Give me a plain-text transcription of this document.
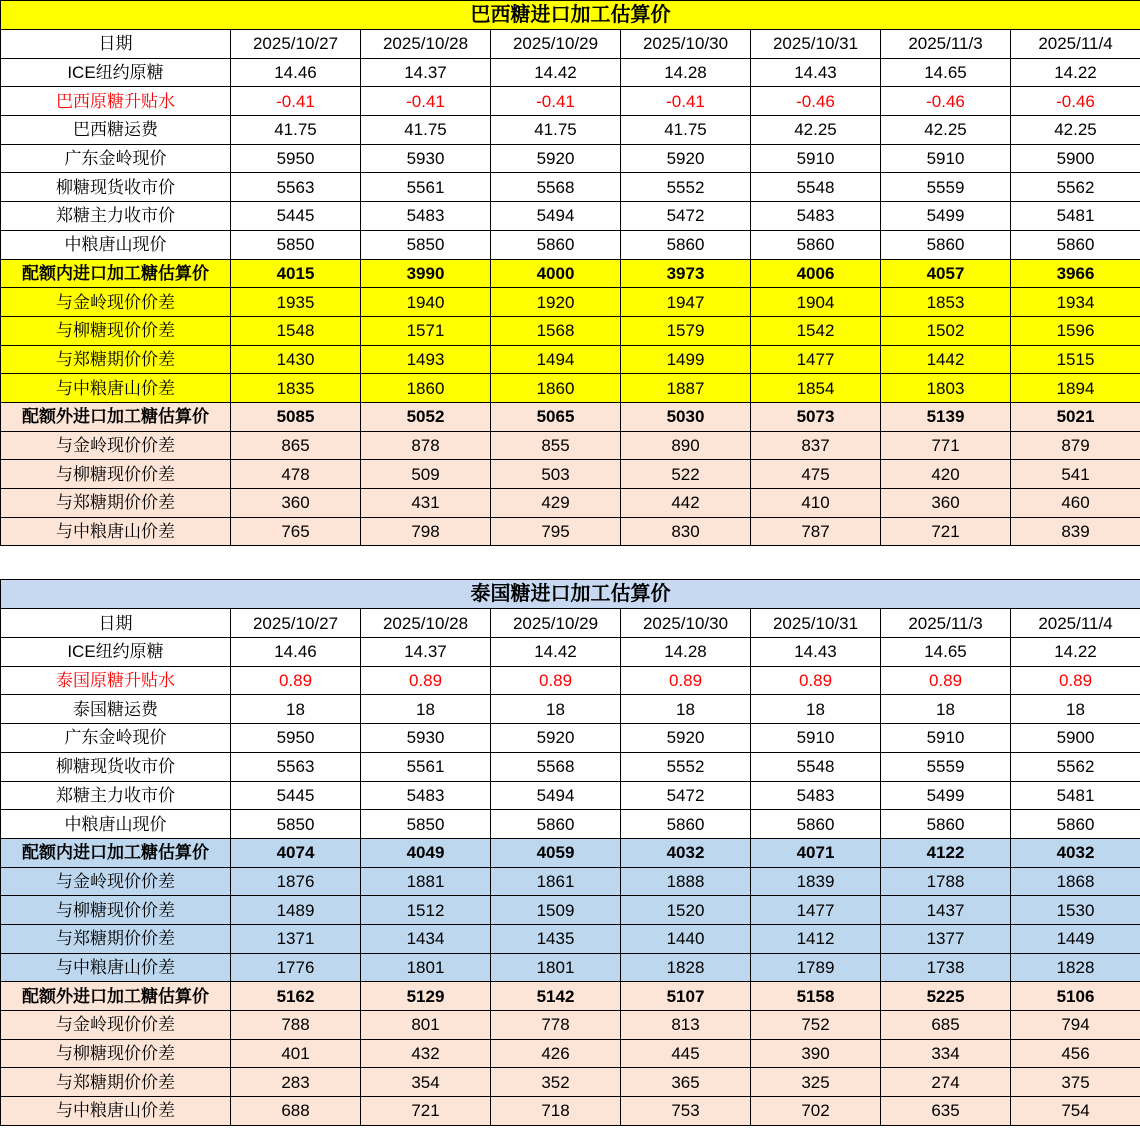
巴西糖进口加工估算价							
日期	2025/10/27	2025/10/28	2025/10/29	2025/10/30	2025/10/31	2025/11/3	2025/11/4
ICE纽约原糖	14.46	14.37	14.42	14.28	14.43	14.65	14.22
巴西原糖升贴水	-0.41	-0.41	-0.41	-0.41	-0.46	-0.46	-0.46
巴西糖运费	41.75	41.75	41.75	41.75	42.25	42.25	42.25
广东金岭现价	5950	5930	5920	5920	5910	5910	5900
柳糖现货收市价	5563	5561	5568	5552	5548	5559	5562
郑糖主力收市价	5445	5483	5494	5472	5483	5499	5481
中粮唐山现价	5850	5850	5860	5860	5860	5860	5860
配额内进口加工糖估算价	4015	3990	4000	3973	4006	4057	3966
与金岭现价价差	1935	1940	1920	1947	1904	1853	1934
与柳糖现价价差	1548	1571	1568	1579	1542	1502	1596
与郑糖期价价差	1430	1493	1494	1499	1477	1442	1515
与中粮唐山价差	1835	1860	1860	1887	1854	1803	1894
配额外进口加工糖估算价	5085	5052	5065	5030	5073	5139	5021
与金岭现价价差	865	878	855	890	837	771	879
与柳糖现价价差	478	509	503	522	475	420	541
与郑糖期价价差	360	431	429	442	410	360	460
与中粮唐山价差	765	798	795	830	787	721	839
泰国糖进口加工估算价							
日期	2025/10/27	2025/10/28	2025/10/29	2025/10/30	2025/10/31	2025/11/3	2025/11/4
ICE纽约原糖	14.46	14.37	14.42	14.28	14.43	14.65	14.22
泰国原糖升贴水	0.89	0.89	0.89	0.89	0.89	0.89	0.89
泰国糖运费	18	18	18	18	18	18	18
广东金岭现价	5950	5930	5920	5920	5910	5910	5900
柳糖现货收市价	5563	5561	5568	5552	5548	5559	5562
郑糖主力收市价	5445	5483	5494	5472	5483	5499	5481
中粮唐山现价	5850	5850	5860	5860	5860	5860	5860
配额内进口加工糖估算价	4074	4049	4059	4032	4071	4122	4032
与金岭现价价差	1876	1881	1861	1888	1839	1788	1868
与柳糖现价价差	1489	1512	1509	1520	1477	1437	1530
与郑糖期价价差	1371	1434	1435	1440	1412	1377	1449
与中粮唐山价差	1776	1801	1801	1828	1789	1738	1828
配额外进口加工糖估算价	5162	5129	5142	5107	5158	5225	5106
与金岭现价价差	788	801	778	813	752	685	794
与柳糖现价价差	401	432	426	445	390	334	456
与郑糖期价价差	283	354	352	365	325	274	375
与中粮唐山价差	688	721	718	753	702	635	754
